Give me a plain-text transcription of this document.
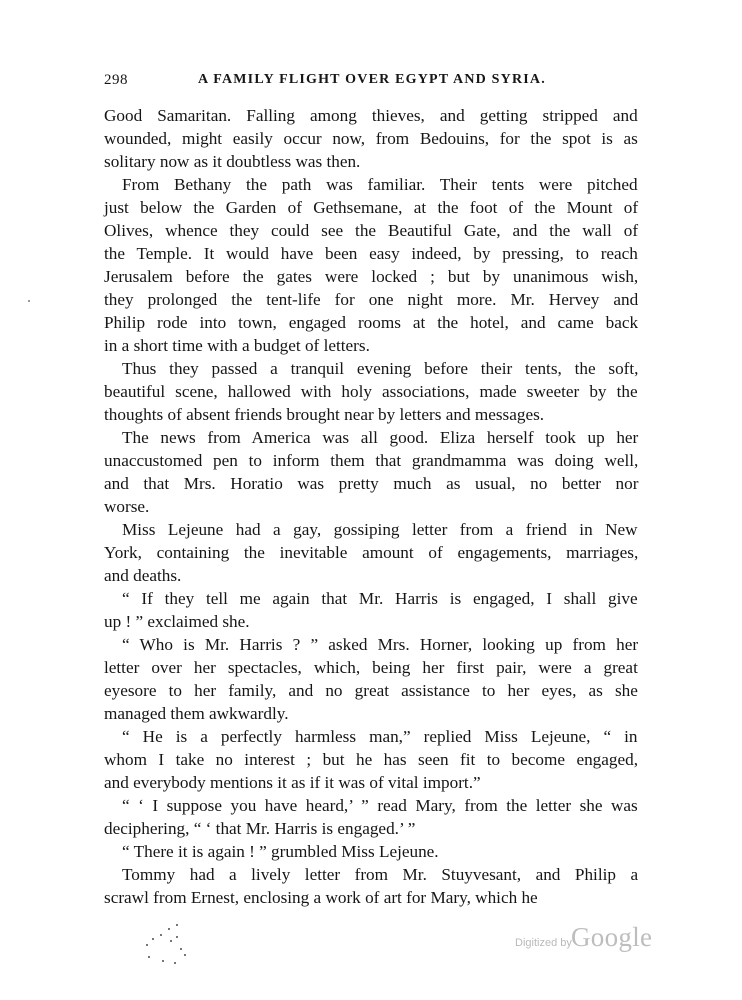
298	A FAMILY FLIGHT OVER EGYPT AND SYRIA.

Good Samaritan. Falling among thieves, and getting stripped and
wounded, might easily occur now, from Bedouins, for the spot is as
solitary now as it doubtless was then.

From Bethany the path was familiar. Their tents were pitched
just below the Garden of Gethsemane, at the foot of the Mount of
Olives, whence they could see the Beautiful Gate, and the wall of
the Temple. It would have been easy indeed, by pressing, to reach
Jerusalem before the gates were locked ; but by unanimous wish,
they prolonged the tent-life for one night more. Mr. Hervey and
Philip rode into town, engaged rooms at the hotel, and came back
in a short time with a budget of letters.

Thus they passed a tranquil evening before their tents, the soft,
beautiful scene, hallowed with holy associations, made sweeter by the
thoughts of absent friends brought near by letters and messages.

The news from America was all good. Eliza herself took up her
unaccustomed pen to inform them that grandmamma was doing well,
and that Mrs. Horatio was pretty much as usual, no better nor
worse.

Miss Lejeune had a gay, gossiping letter from a friend in New
York, containing the inevitable amount of engagements, marriages,
and deaths.

“ If they tell me again that Mr. Harris is engaged, I shall give
up ! ” exclaimed she.

“ Who is Mr. Harris ? ” asked Mrs. Horner, looking up from her
letter over her spectacles, which, being her first pair, were a great
eyesore to her family, and no great assistance to her eyes, as she
managed them awkwardly.

“ He is a perfectly harmless man,” replied Miss Lejeune, “ in
whom I take no interest ; but he has seen fit to become engaged,
and everybody mentions it as if it was of vital import.”

“ ‘ I suppose you have heard,’ ” read Mary, from the letter she was
deciphering, “ ‘ that Mr. Harris is engaged.’ ”

“ There it is again ! ” grumbled Miss Lejeune.

Tommy had a lively letter from Mr. Stuyvesant, and Philip a
scrawl from Ernest, enclosing a work of art for Mary, which he

Digitized by Google
